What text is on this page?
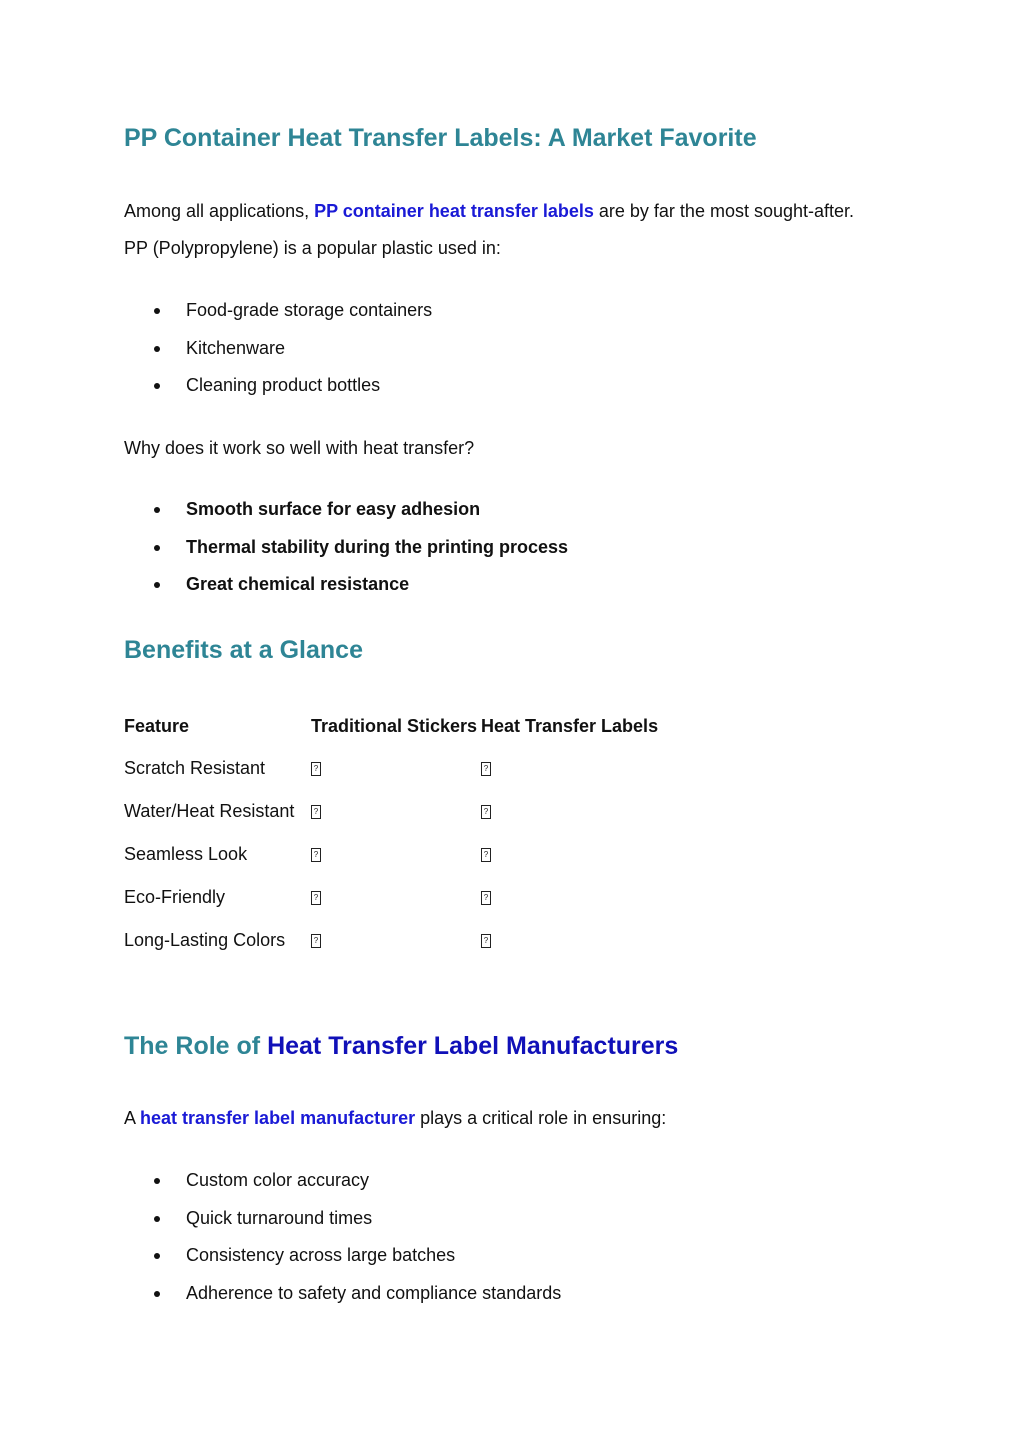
PP Container Heat Transfer Labels: A Market Favorite

Among all applications, PP container heat transfer labels are by far the most sought-after.
PP (Polypropylene) is a popular plastic used in:

Food-grade storage containers
Kitchenware
Cleaning product bottles

Why does it work so well with heat transfer?

Smooth surface for easy adhesion
Thermal stability during the printing process
Great chemical resistance
Benefits at a Glance
Feature	Traditional Stickers	Heat Transfer Labels
Scratch Resistant	?	?
Water/Heat Resistant	?	?
Seamless Look	?	?
Eco-Friendly	?	?
Long-Lasting Colors	?	?
The Role of Heat Transfer Label Manufacturers

A heat transfer label manufacturer plays a critical role in ensuring:

Custom color accuracy
Quick turnaround times
Consistency across large batches
Adherence to safety and compliance standards
